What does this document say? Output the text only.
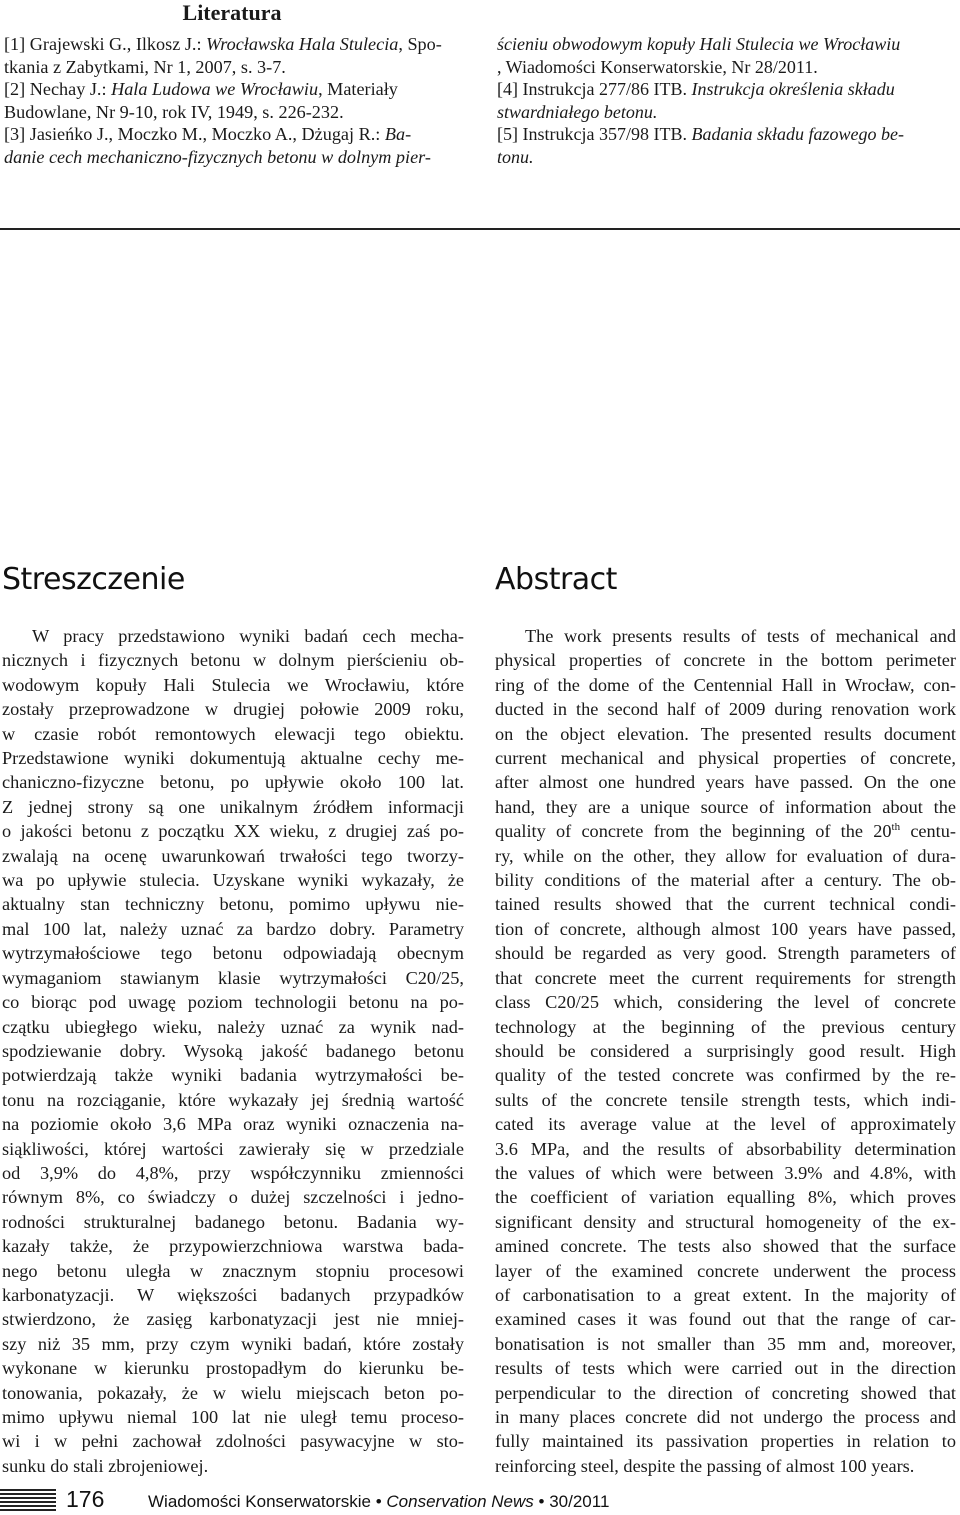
Literatura

[1] Grajewski G., Ilkosz J.: Wrocławska Hala Stulecia, Spo-
tkania z Zabytkami, Nr 1, 2007, s. 3-7.

[2] Nechay J.: Hala Ludowa we Wrocławiu, Materiały
Budowlane, Nr 9-10, rok IV, 1949, s. 226-232.

[3] Jasieńko J., Moczko M., Moczko A., Dżugaj R.: Ba-
danie cech mechaniczno-fizycznych betonu w dolnym pier-

ścieniu obwodowym kopuły Hali Stulecia we Wrocławiu
, Wiadomości Konserwatorskie, Nr 28/2011.

[4] Instrukcja 277/86 ITB. Instrukcja określenia składu
stwardniałego betonu.

[5] Instrukcja 357/98 ITB. Badania składu fazowego be-
tonu.

Streszczenie	Abstract
W pracy przedstawiono wyniki badań cech mecha-
nicznych i fizycznych betonu w dolnym pierścieniu ob-
wodowym kopuły Hali Stulecia we Wrocławiu, które
zostały przeprowadzone w drugiej połowie 2009 roku,
w czasie robót remontowych elewacji tego obiektu.
Przedstawione wyniki dokumentują aktualne cechy me-
chaniczno-fizyczne betonu, po upływie około 100 lat.
Z jednej strony są one unikalnym źródłem informacji
o jakości betonu z początku XX wieku, z drugiej zaś po-
zwalają na ocenę uwarunkowań trwałości tego tworzy-
wa po upływie stulecia. Uzyskane wyniki wykazały, że
aktualny stan techniczny betonu, pomimo upływu nie-
mal 100 lat, należy uznać za bardzo dobry. Parametry
wytrzymałościowe tego betonu odpowiadają obecnym
wymaganiom stawianym klasie wytrzymałości C20/25,
co biorąc pod uwagę poziom technologii betonu na po-
czątku ubiegłego wieku, należy uznać za wynik nad-
spodziewanie dobry. Wysoką jakość badanego betonu
potwierdzają także wyniki badania wytrzymałości be-
tonu na rozciąganie, które wykazały jej średnią wartość
na poziomie około 3,6 MPa oraz wyniki oznaczenia na-
siąkliwości, której wartości zawierały się w przedziale
od 3,9% do 4,8%, przy współczynniku zmienności
równym 8%, co świadczy o dużej szczelności i jedno-
rodności strukturalnej badanego betonu. Badania wy-
kazały także, że przypowierzchniowa warstwa bada-
nego betonu uległa w znacznym stopniu procesowi
karbonatyzacji. W większości badanych przypadków
stwierdzono, że zasięg karbonatyzacji jest nie mniej-
szy niż 35 mm, przy czym wyniki badań, które zostały
wykonane w kierunku prostopadłym do kierunku be-
tonowania, pokazały, że w wielu miejscach beton po-
mimo upływu niemal 100 lat nie uległ temu proceso-
wi i w pełni zachował zdolności pasywacyjne w sto-
sunku do stali zbrojeniowej.
The work presents results of tests of mechanical and
physical properties of concrete in the bottom perimeter
ring of the dome of the Centennial Hall in Wrocław, con-
ducted in the second half of 2009 during renovation work
on the object elevation. The presented results document
current mechanical and physical properties of concrete,
after almost one hundred years have passed. On the one
hand, they are a unique source of information about the
quality of concrete from the beginning of the 20th centu-
ry, while on the other, they allow for evaluation of dura-
bility conditions of the material after a century. The ob-
tained results showed that the current technical condi-
tion of concrete, although almost 100 years have passed,
should be regarded as very good. Strength parameters of
that concrete meet the current requirements for strength
class C20/25 which, considering the level of concrete
technology at the beginning of the previous century
should be considered a surprisingly good result. High
quality of the tested concrete was confirmed by the re-
sults of the concrete tensile strength tests, which indi-
cated its average value at the level of approximately
3.6 MPa, and the results of absorbability determination
the values of which were between 3.9% and 4.8%, with
the coefficient of variation equalling 8%, which proves
significant density and structural homogeneity of the ex-
amined concrete. The tests also showed that the surface
layer of the examined concrete underwent the process
of carbonatisation to a great extent. In the majority of
examined cases it was found out that the range of car-
bonatisation is not smaller than 35 mm and, moreover,
results of tests which were carried out in the direction
perpendicular to the direction of concreting showed that
in many places concrete did not undergo the process and
fully maintained its passivation properties in relation to
reinforcing steel, despite the passing of almost 100 years.
176	Wiadomości Konserwatorskie • Conservation News • 30/2011
